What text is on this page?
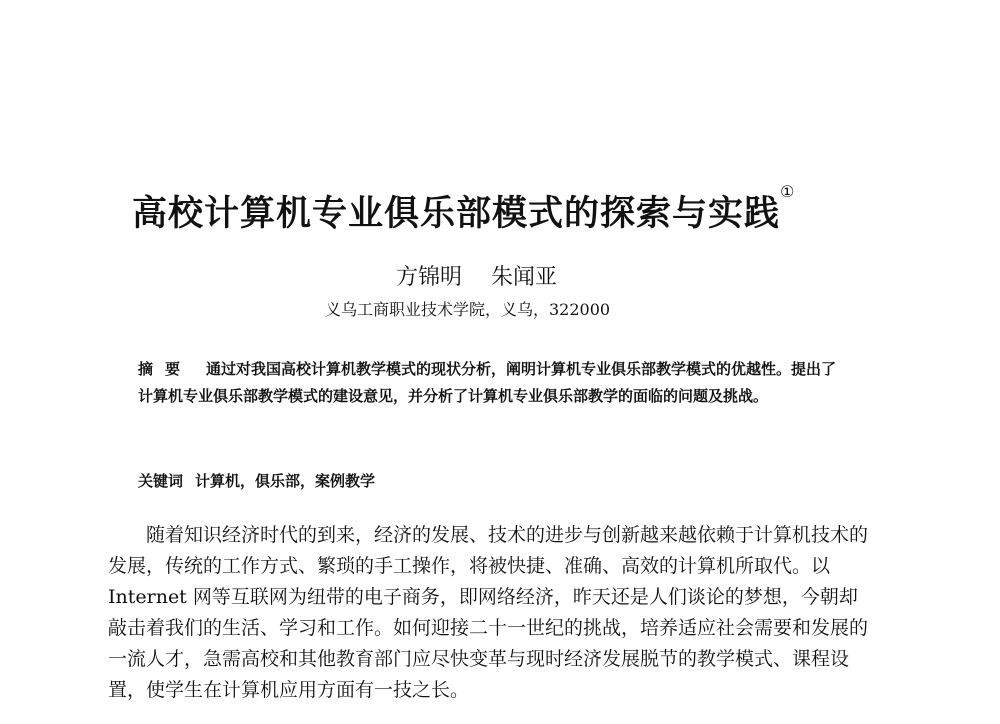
高校计算机专业俱乐部模式的探索与实践①
方锦明 朱闻亚
义乌工商职业技术学院，义乌，322000
摘要 通过对我国高校计算机教学模式的现状分析，阐明计算机专业俱乐部教学模式的优越性。提出了计算机专业俱乐部教学模式的建设意见，并分析了计算机专业俱乐部教学的面临的问题及挑战。
关键词 计算机，俱乐部，案例教学
随着知识经济时代的到来，经济的发展、技术的进步与创新越来越依赖于计算机技术的发展，传统的工作方式、繁琐的手工操作，将被快捷、准确、高效的计算机所取代。以 Internet 网等互联网为纽带的电子商务，即网络经济，昨天还是人们谈论的梦想，今朝却敲击着我们的生活、学习和工作。如何迎接二十一世纪的挑战，培养适应社会需要和发展的一流人才，急需高校和其他教育部门应尽快变革与现时经济发展脱节的教学模式、课程设置，使学生在计算机应用方面有一技之长。
